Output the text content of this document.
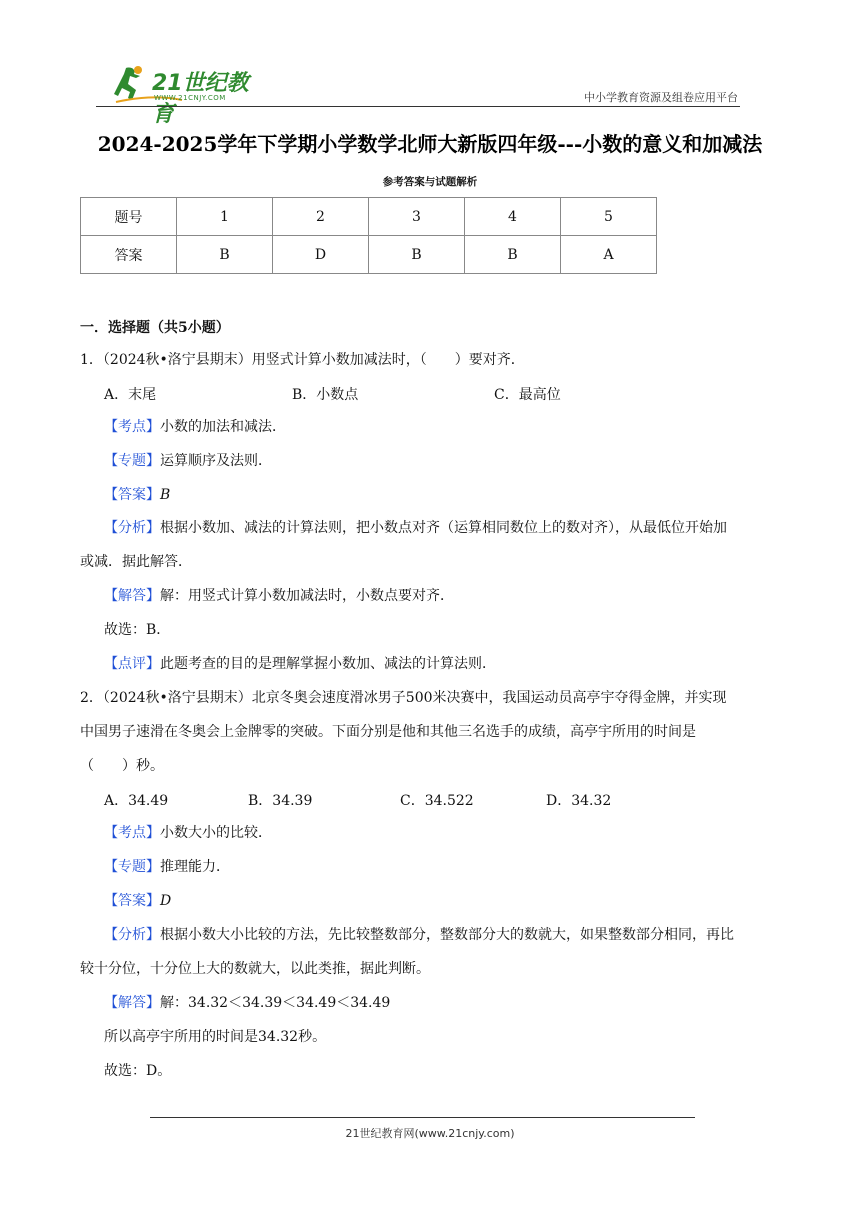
21世纪教育
WWW.21CNJY.COM	中小学教育资源及组卷应用平台
2024-2025学年下学期小学数学北师大新版四年级---小数的意义和加减法
参考答案与试题解析
题号	1	2	3	4	5
答案	B	D	B	B	A
一．选择题（共5小题）
1．（2024秋•洛宁县期末）用竖式计算小数加减法时，（　　）要对齐．
A．末尾	B．小数点	C．最高位
【考点】小数的加法和减法．
【专题】运算顺序及法则．
【答案】B
【分析】根据小数加、减法的计算法则，把小数点对齐（运算相同数位上的数对齐），从最低位开始加
或减．据此解答．
【解答】解：用竖式计算小数加减法时，小数点要对齐．
故选：B．
【点评】此题考查的目的是理解掌握小数加、减法的计算法则．
2．（2024秋•洛宁县期末）北京冬奥会速度滑冰男子500米决赛中，我国运动员高亭宇夺得金牌，并实现
中国男子速滑在冬奥会上金牌零的突破。下面分别是他和其他三名选手的成绩，高亭宇所用的时间是
（　　）秒。
A．34.49	B．34.39	C．34.522	D．34.32
【考点】小数大小的比较．
【专题】推理能力．
【答案】D
【分析】根据小数大小比较的方法，先比较整数部分，整数部分大的数就大，如果整数部分相同，再比
较十分位，十分位上大的数就大，以此类推，据此判断。
【解答】解：34.32＜34.39＜34.49＜34.49
所以高亭宇所用的时间是34.32秒。
故选：D。
21世纪教育网(www.21cnjy.com)
